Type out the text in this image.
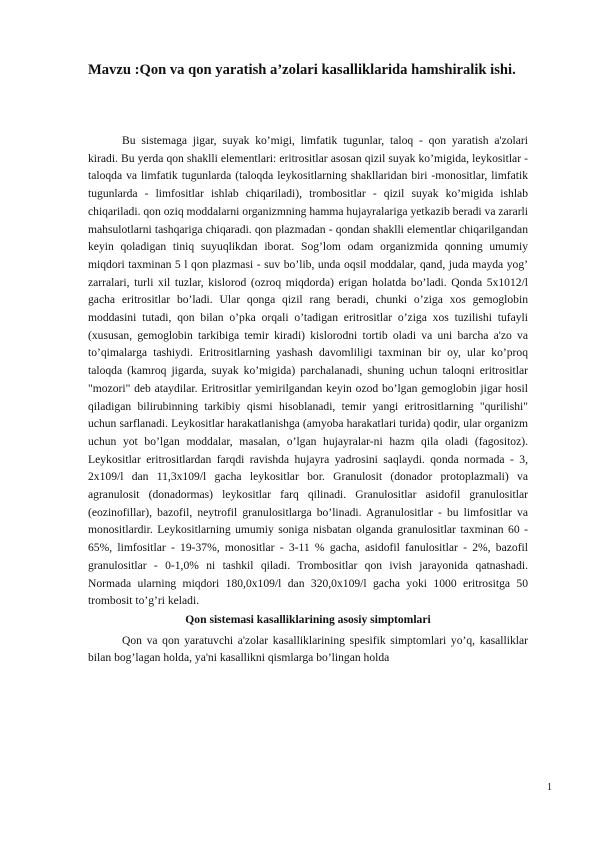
Mavzu :Qon va qon yaratish a’zolari kasalliklarida hamshiralik ishi.

Bu sistemaga jigar, suyak ko’migi, limfatik tugunlar, taloq - qon yaratish a'zolari kiradi. Bu yerda qon shaklli elementlari: eritrositlar asosan qizil suyak ko’migida, leykositlar - taloqda va limfatik tugunlarda (taloqda leykositlarning shakllaridan biri -monositlar, limfatik tugunlarda - limfositlar ishlab chiqariladi), trombositlar - qizil suyak ko’migida ishlab chiqariladi. qon oziq moddalarni organizmning hamma hujayralariga yetkazib beradi va zararli mahsulotlarni tashqariga chiqaradi. qon plazmadan - qondan shaklli elementlar chiqarilgandan keyin qoladigan tiniq suyuqlikdan iborat. Sog’lom odam organizmida qonning umumiy miqdori taxminan 5 l qon plazmasi - suv bo’lib, unda oqsil moddalar, qand, juda mayda yog’ zarralari, turli xil tuzlar, kislorod (ozroq miqdorda) erigan holatda bo’ladi. Qonda 5x1012/l gacha eritrositlar bo’ladi. Ular qonga qizil rang beradi, chunki o’ziga xos gemoglobin moddasini tutadi, qon bilan o’pka orqali o’tadigan eritrositlar o’ziga xos tuzilishi tufayli (xususan, gemoglobin tarkibiga temir kiradi) kislorodni tortib oladi va uni barcha a'zo va to’qimalarga tashiydi. Eritrositlarning yashash davomliligi taxminan bir oy, ular ko’proq taloqda (kamroq jigarda, suyak ko’migida) parchalanadi, shuning uchun taloqni eritrositlar "mozori" deb ataydilar. Eritrositlar yemirilgandan keyin ozod bo’lgan gemoglobin jigar hosil qiladigan bilirubinning tarkibiy qismi hisoblanadi, temir yangi eritrositlarning "qurilishi" uchun sarflanadi. Leykositlar harakatlanishga (amyoba harakatlari turida) qodir, ular organizm uchun yot bo’lgan moddalar, masalan, o’lgan hujayralar-ni hazm qila oladi (fagositoz). Leykositlar eritrositlardan farqdi ravishda hujayra yadrosini saqlaydi. qonda normada - 3, 2x109/l dan 11,3x109/l gacha leykositlar bor. Granulosit (donador protoplazmali) va agranulosit (donadormas) leykositlar farq qilinadi. Granulositlar asidofil granulositlar (eozinofillar), bazofil, neytrofil granulositlarga bo’linadi. Agranulositlar - bu limfositlar va monositlardir. Leykositlarning umumiy soniga nisbatan olganda granulositlar taxminan 60 - 65%, limfositlar - 19-37%, monositlar - 3-11 % gacha, asidofil fanulositlar - 2%, bazofil granulositlar - 0-1,0% ni tashkil qiladi. Trombositlar qon ivish jarayonida qatnashadi. Normada ularning miqdori 180,0x109/l dan 320,0x109/l gacha yoki 1000 eritrositga 50 trombosit to’g’ri keladi.

Qon sistemasi kasalliklarining asosiy simptomlari

Qon va qon yaratuvchi a'zolar kasalliklarining spesifik simptomlari yo’q, kasalliklar bilan bog’lagan holda, ya'ni kasallikni qismlarga bo’lingan holda

1
